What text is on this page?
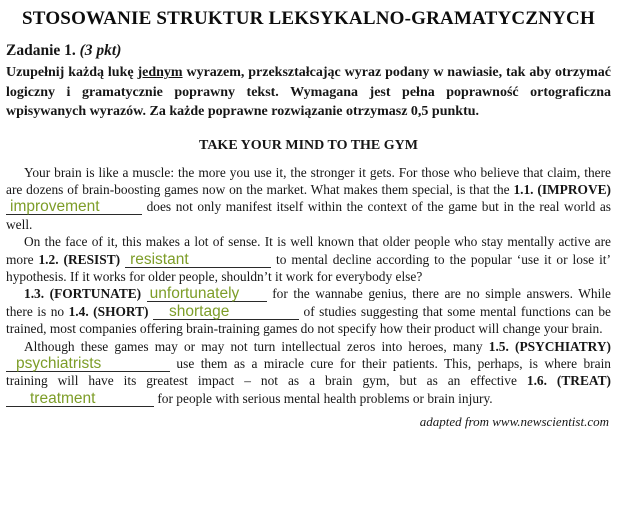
STOSOWANIE STRUKTUR LEKSYKALNO-GRAMATYCZNYCH
Zadanie 1. (3 pkt)
Uzupełnij każdą lukę jednym wyrazem, przekształcając wyraz podany w nawiasie, tak aby otrzymać logiczny i gramatycznie poprawny tekst. Wymagana jest pełna poprawność ortograficzna wpisywanych wyrazów. Za każde poprawne rozwiązanie otrzymasz 0,5 punktu.
TAKE YOUR MIND TO THE GYM

Your brain is like a muscle: the more you use it, the stronger it gets. For those who believe that claim, there are dozens of brain-boosting games now on the market. What makes them special, is that the 1.1. (IMPROVE) improvement	does not only manifest itself within the context of the game but in the real world as well.

On the face of it, this makes a lot of sense. It is well known that older people who stay mentally active are more 1.2. (RESIST) resistant	to mental decline according to the popular ‘use it or lose it’ hypothesis. If it works for older people, shouldn’t it work for everybody else?

1.3. (FORTUNATE) unfortunately for the wannabe genius, there are no simple answers. While there is no 1.4. (SHORT) shortage	of studies suggesting that some mental functions can be trained, most companies offering brain-training games do not specify how their product will change your brain.

Although these games may or may not turn intellectual zeros into heroes, many 1.5. (PSYCHIATRY) psychiatrists	use them as a miracle cure for their patients. This, perhaps, is where brain training will have its greatest impact – not as a brain gym, but as an effective 1.6. (TREAT) treatment	for people with serious mental health problems or brain injury.

adapted from www.newscientist.com
